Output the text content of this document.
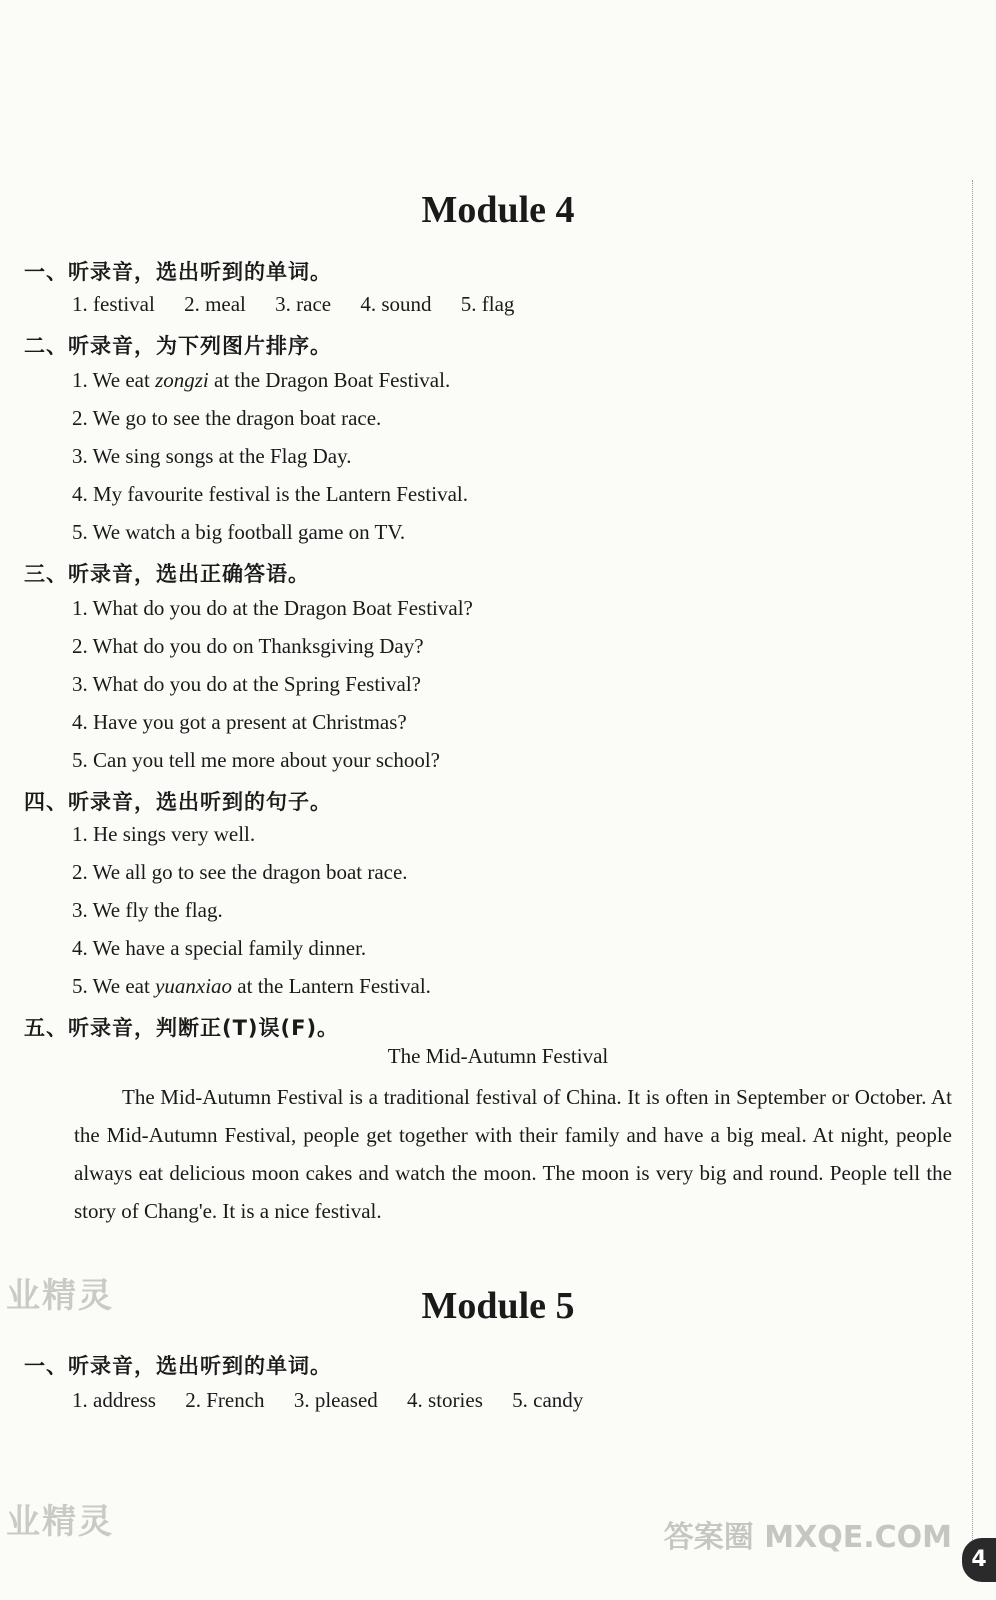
Module 4
一、听录音，选出听到的单词。
1. festival 2. meal 3. race 4. sound 5. flag
二、听录音，为下列图片排序。
1. We eat zongzi at the Dragon Boat Festival.
2. We go to see the dragon boat race.
3. We sing songs at the Flag Day.
4. My favourite festival is the Lantern Festival.
5. We watch a big football game on TV.
三、听录音，选出正确答语。
1. What do you do at the Dragon Boat Festival?
2. What do you do on Thanksgiving Day?
3. What do you do at the Spring Festival?
4. Have you got a present at Christmas?
5. Can you tell me more about your school?
四、听录音，选出听到的句子。
1. He sings very well.
2. We all go to see the dragon boat race.
3. We fly the flag.
4. We have a special family dinner.
5. We eat yuanxiao at the Lantern Festival.
五、听录音，判断正(T)误(F)。
The Mid-Autumn Festival
The Mid-Autumn Festival is a traditional festival of China. It is often in September or October. At the Mid-Autumn Festival, people get together with their family and have a big meal. At night, people always eat delicious moon cakes and watch the moon. The moon is very big and round. People tell the story of Chang'e. It is a nice festival.
业精灵	Module 5
一、听录音，选出听到的单词。
1. address 2. French 3. pleased 4. stories 5. candy
业精灵	答案圈 MXQE.COM
4
